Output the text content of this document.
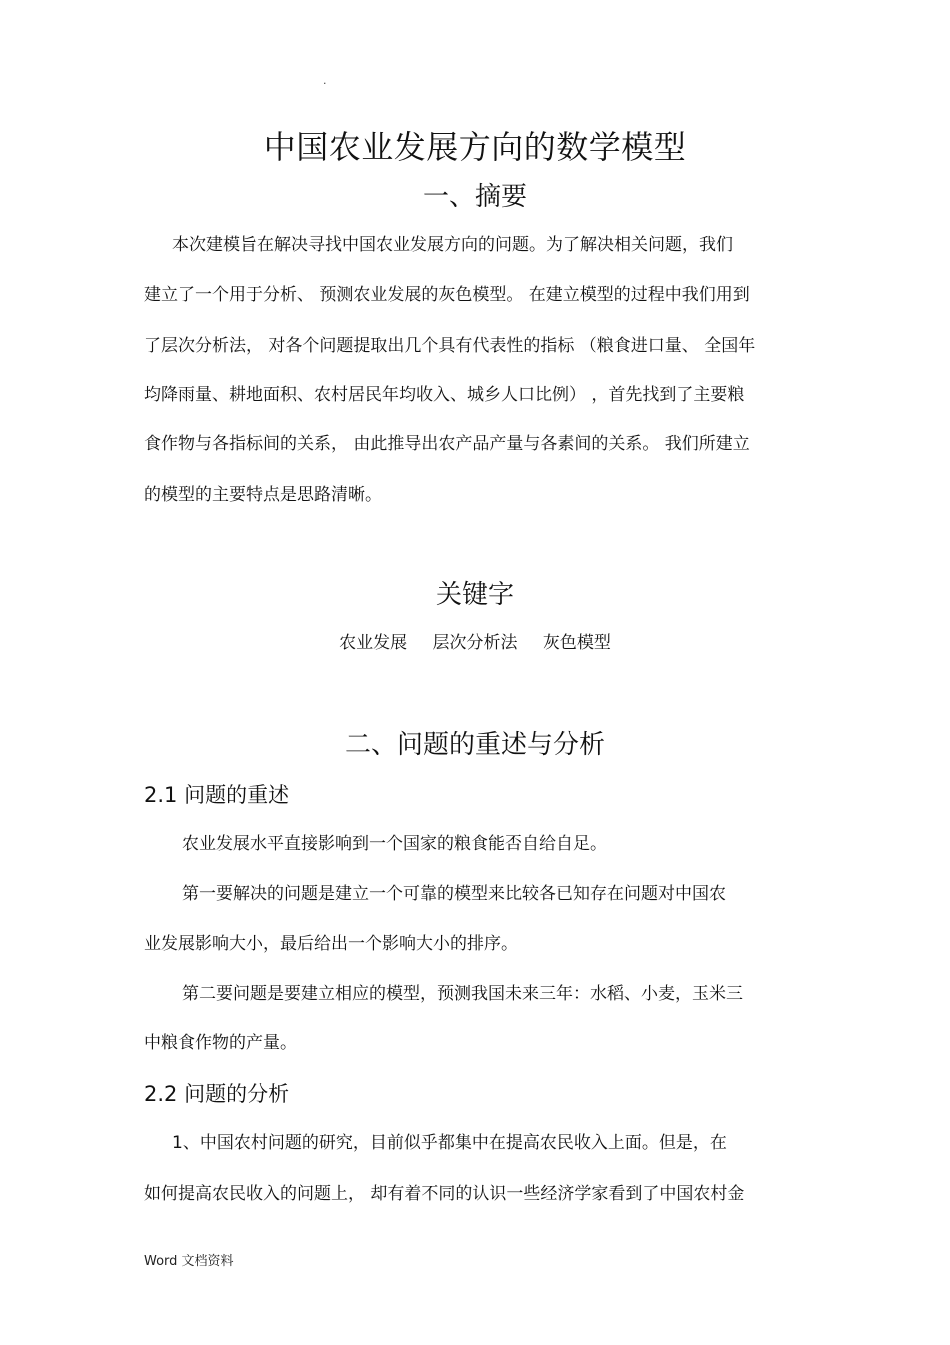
.
中国农业发展方向的数学模型
一、摘要
本次建模旨在解决寻找中国农业发展方向的问题。为了解决相关问题，我们
建立了一个用于分析、 预测农业发展的灰色模型。 在建立模型的过程中我们用到
了层次分析法， 对各个问题提取出几个具有代表性的指标 （粮食进口量、 全国年
均降雨量、耕地面积、农村居民年均收入、城乡人口比例） ，首先找到了主要粮
食作物与各指标间的关系， 由此推导出农产品产量与各素间的关系。 我们所建立
的模型的主要特点是思路清晰。
关键字
农业发展 层次分析法 灰色模型
二、问题的重述与分析
2.1 问题的重述
农业发展水平直接影响到一个国家的粮食能否自给自足。
第一要解决的问题是建立一个可靠的模型来比较各已知存在问题对中国农
业发展影响大小，最后给出一个影响大小的排序。
第二要问题是要建立相应的模型，预测我国未来三年：水稻、小麦，玉米三
中粮食作物的产量。
2.2 问题的分析
1、中国农村问题的研究，目前似乎都集中在提高农民收入上面。但是，在
如何提高农民收入的问题上， 却有着不同的认识一些经济学家看到了中国农村金
Word 文档资料
